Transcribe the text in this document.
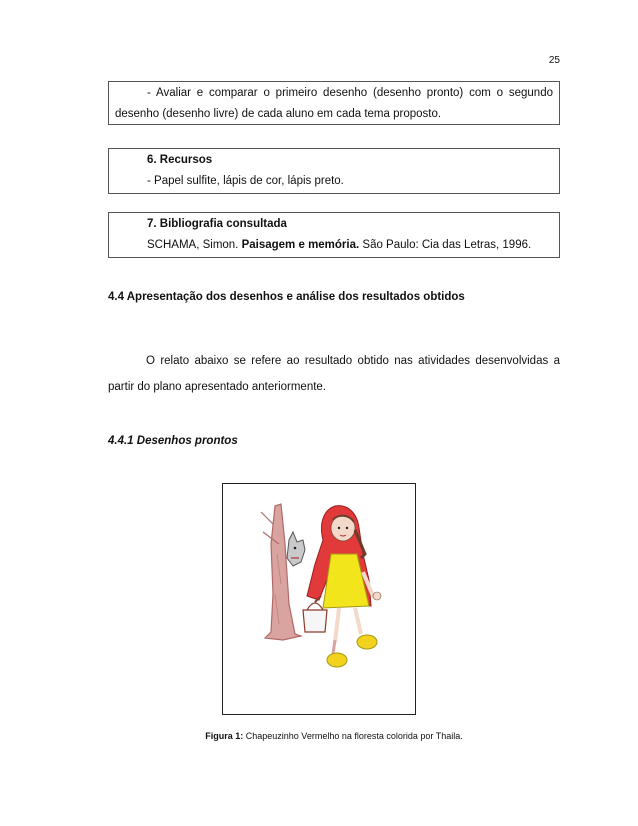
25
- Avaliar e comparar o primeiro desenho (desenho pronto) com o segundo
desenho (desenho livre) de cada aluno em cada tema proposto.
6. Recursos
- Papel sulfite, lápis de cor, lápis preto.
7. Bibliografia consultada
SCHAMA, Simon. Paisagem e memória. São Paulo: Cia das Letras, 1996.
4.4 Apresentação dos desenhos e análise dos resultados obtidos
O relato abaixo se refere ao resultado obtido nas atividades desenvolvidas a
partir do plano apresentado anteriormente.
4.4.1 Desenhos prontos
Figura 1: Chapeuzinho Vermelho na floresta colorida por Thaila.
